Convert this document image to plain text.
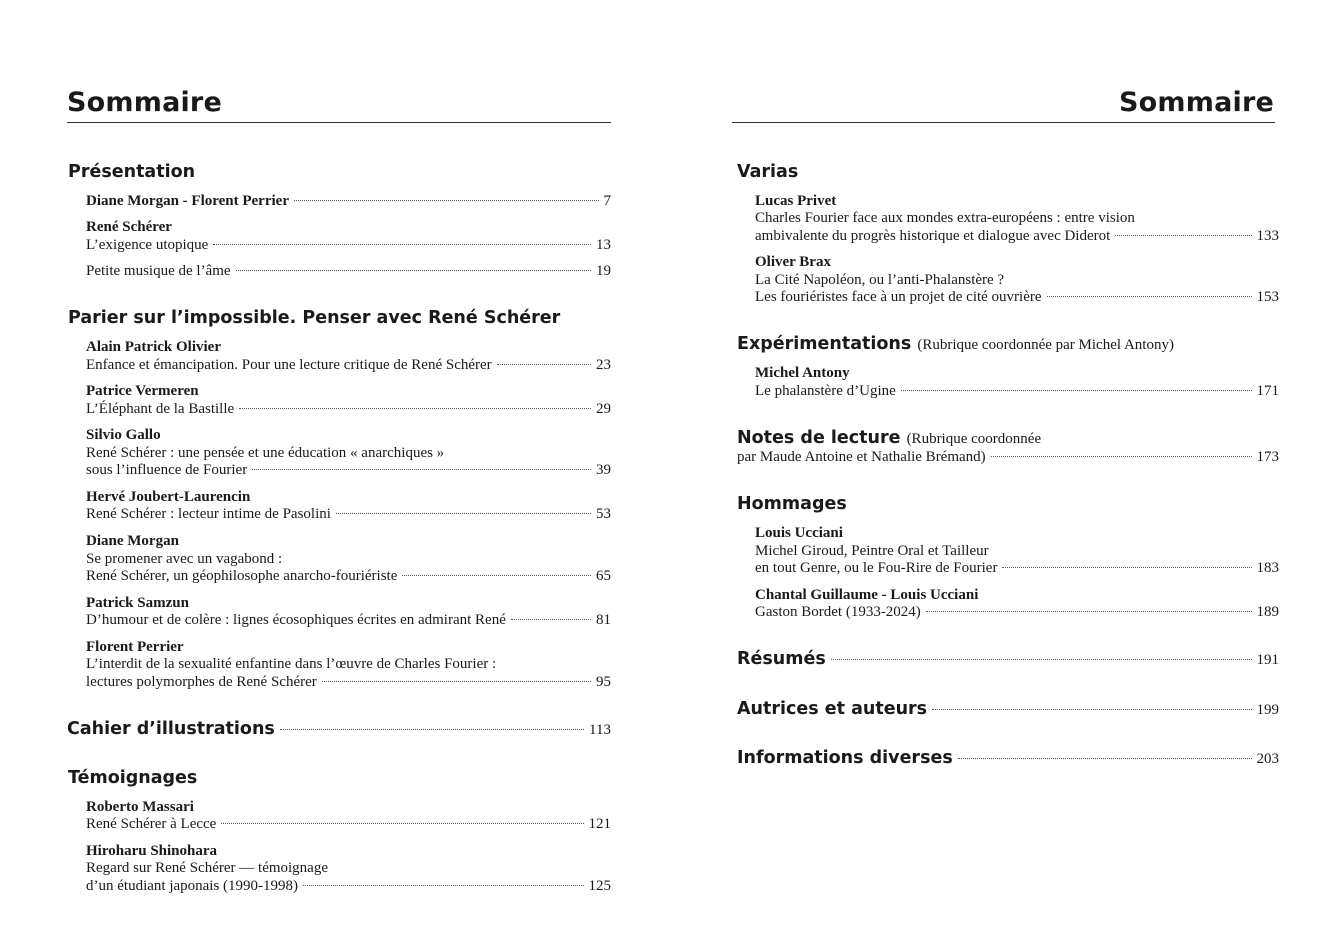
Sommaire	Sommaire
Présentation
Diane Morgan - Florent Perrier	7
René Schérer
L’exigence utopique	13
Petite musique de l’âme	19
Parier sur l’impossible. Penser avec René Schérer
Alain Patrick Olivier
Enfance et émancipation. Pour une lecture critique de René Schérer	23
Patrice Vermeren
L’Éléphant de la Bastille	29
Silvio Gallo
René Schérer : une pensée et une éducation « anarchiques »
sous l’influence de Fourier	39
Hervé Joubert-Laurencin
René Schérer : lecteur intime de Pasolini	53
Diane Morgan
Se promener avec un vagabond :
René Schérer, un géophilosophe anarcho-fouriériste	65
Patrick Samzun
D’humour et de colère : lignes écosophiques écrites en admirant René	81
Florent Perrier
L’interdit de la sexualité enfantine dans l’œuvre de Charles Fourier :
lectures polymorphes de René Schérer	95
Cahier d’illustrations	113
Témoignages
Roberto Massari
René Schérer à Lecce	121
Hiroharu Shinohara
Regard sur René Schérer — témoignage
d’un étudiant japonais (1990-1998)	125
Varias
Lucas Privet
Charles Fourier face aux mondes extra-européens : entre vision
ambivalente du progrès historique et dialogue avec Diderot	133
Oliver Brax
La Cité Napoléon, ou l’anti-Phalanstère ?
Les fouriéristes face à un projet de cité ouvrière	153
Expérimentations (Rubrique coordonnée par Michel Antony)
Michel Antony
Le phalanstère d’Ugine	171
Notes de lecture (Rubrique coordonnée
par Maude Antoine et Nathalie Brémand)	173
Hommages
Louis Ucciani
Michel Giroud, Peintre Oral et Tailleur
en tout Genre, ou le Fou-Rire de Fourier	183
Chantal Guillaume - Louis Ucciani
Gaston Bordet (1933-2024)	189
Résumés	191
Autrices et auteurs	199
Informations diverses	203
